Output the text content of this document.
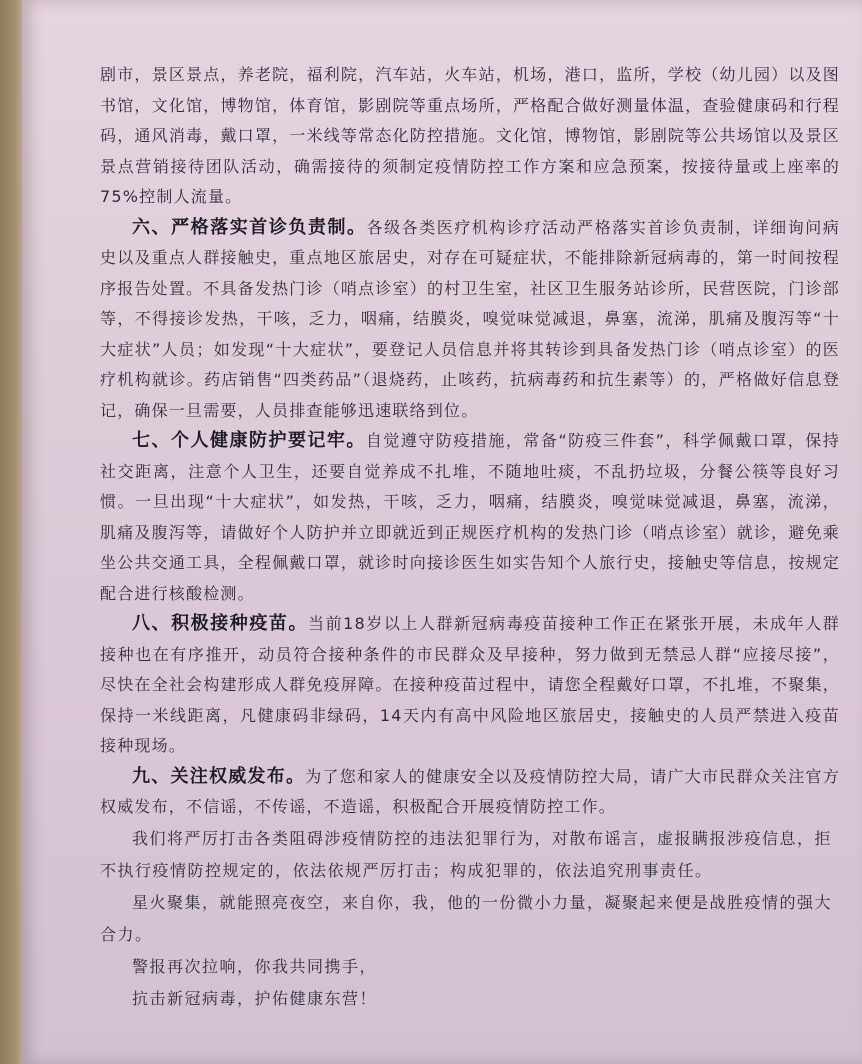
剧市，景区景点，养老院，福利院，汽车站，火车站，机场，港口，监所，学校（幼儿园）以及图书馆，文化馆，博物馆，体育馆，影剧院等重点场所，严格配合做好测量体温，查验健康码和行程码，通风消毒，戴口罩，一米线等常态化防控措施。文化馆，博物馆，影剧院等公共场馆以及景区景点营销接待团队活动，确需接待的须制定疫情防控工作方案和应急预案，按接待量或上座率的75%控制人流量。

六、严格落实首诊负责制。各级各类医疗机构诊疗活动严格落实首诊负责制，详细询问病史以及重点人群接触史，重点地区旅居史，对存在可疑症状，不能排除新冠病毒的，第一时间按程序报告处置。不具备发热门诊（哨点诊室）的村卫生室，社区卫生服务站诊所，民营医院，门诊部等，不得接诊发热，干咳，乏力，咽痛，结膜炎，嗅觉味觉减退，鼻塞，流涕，肌痛及腹泻等“十大症状”人员；如发现“十大症状”，要登记人员信息并将其转诊到具备发热门诊（哨点诊室）的医疗机构就诊。药店销售“四类药品”（退烧药，止咳药，抗病毒药和抗生素等）的，严格做好信息登记，确保一旦需要，人员排查能够迅速联络到位。

七、个人健康防护要记牢。自觉遵守防疫措施，常备“防疫三件套”，科学佩戴口罩，保持社交距离，注意个人卫生，还要自觉养成不扎堆，不随地吐痰，不乱扔垃圾，分餐公筷等良好习惯。一旦出现“十大症状”，如发热，干咳，乏力，咽痛，结膜炎，嗅觉味觉减退，鼻塞，流涕，肌痛及腹泻等，请做好个人防护并立即就近到正规医疗机构的发热门诊（哨点诊室）就诊，避免乘坐公共交通工具，全程佩戴口罩，就诊时向接诊医生如实告知个人旅行史，接触史等信息，按规定配合进行核酸检测。

八、积极接种疫苗。当前18岁以上人群新冠病毒疫苗接种工作正在紧张开展，未成年人群接种也在有序推开，动员符合接种条件的市民群众及早接种，努力做到无禁忌人群“应接尽接”，尽快在全社会构建形成人群免疫屏障。在接种疫苗过程中，请您全程戴好口罩，不扎堆，不聚集，保持一米线距离，凡健康码非绿码，14天内有高中风险地区旅居史，接触史的人员严禁进入疫苗接种现场。

九、关注权威发布。为了您和家人的健康安全以及疫情防控大局，请广大市民群众关注官方权威发布，不信谣，不传谣，不造谣，积极配合开展疫情防控工作。

我们将严厉打击各类阻碍涉疫情防控的违法犯罪行为，对散布谣言，虚报瞒报涉疫信息，拒不执行疫情防控规定的，依法依规严厉打击；构成犯罪的，依法追究刑事责任。

星火聚集，就能照亮夜空，来自你，我，他的一份微小力量，凝聚起来便是战胜疫情的强大合力。

警报再次拉响，你我共同携手，

抗击新冠病毒，护佑健康东营！
